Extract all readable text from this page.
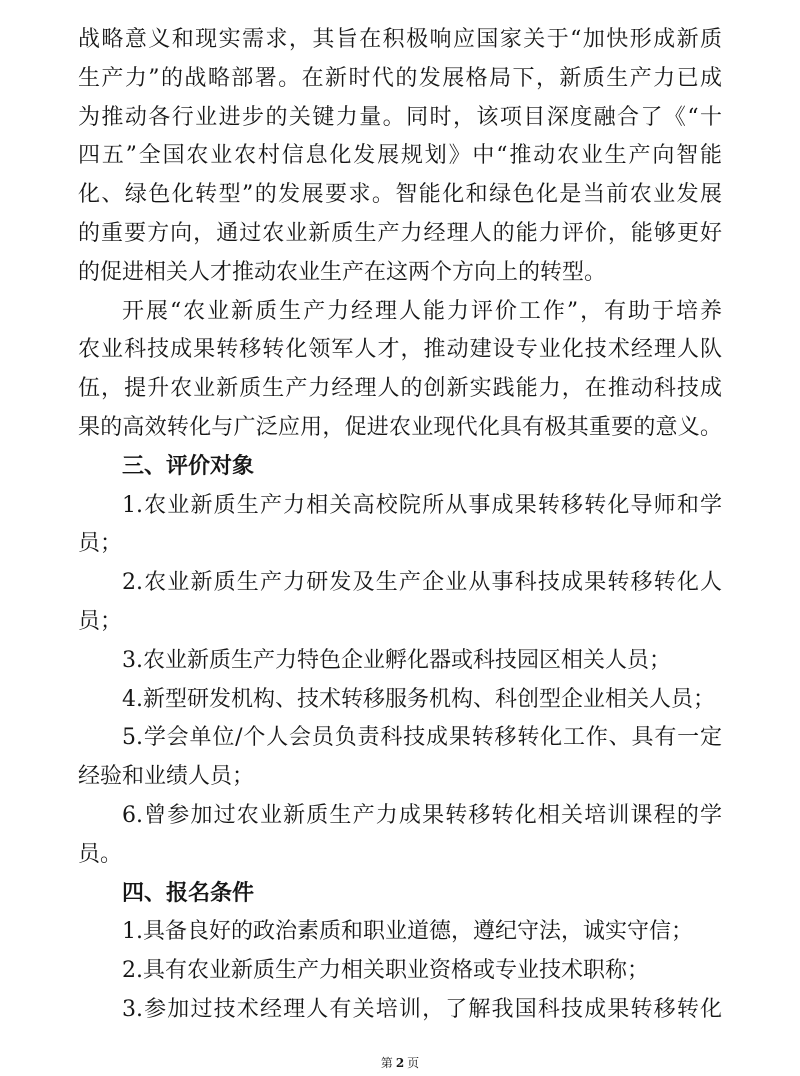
战略意义和现实需求，其旨在积极响应国家关于“加快形成新质
生产力”的战略部署。在新时代的发展格局下，新质生产力已成
为推动各行业进步的关键力量。同时，该项目深度融合了《“十
四五”全国农业农村信息化发展规划》中“推动农业生产向智能
化、绿色化转型”的发展要求。智能化和绿色化是当前农业发展
的重要方向，通过农业新质生产力经理人的能力评价，能够更好
的促进相关人才推动农业生产在这两个方向上的转型。
开展“农业新质生产力经理人能力评价工作”，有助于培养
农业科技成果转移转化领军人才，推动建设专业化技术经理人队
伍，提升农业新质生产力经理人的创新实践能力，在推动科技成
果的高效转化与广泛应用，促进农业现代化具有极其重要的意义。
三、评价对象
1.农业新质生产力相关高校院所从事成果转移转化导师和学
员；
2.农业新质生产力研发及生产企业从事科技成果转移转化人
员；
3.农业新质生产力特色企业孵化器或科技园区相关人员；
4.新型研发机构、技术转移服务机构、科创型企业相关人员；
5.学会单位/个人会员负责科技成果转移转化工作、具有一定
经验和业绩人员；
6.曾参加过农业新质生产力成果转移转化相关培训课程的学
员。
四、报名条件
1.具备良好的政治素质和职业道德，遵纪守法，诚实守信；
2.具有农业新质生产力相关职业资格或专业技术职称；
3.参加过技术经理人有关培训，了解我国科技成果转移转化
第 2 页
